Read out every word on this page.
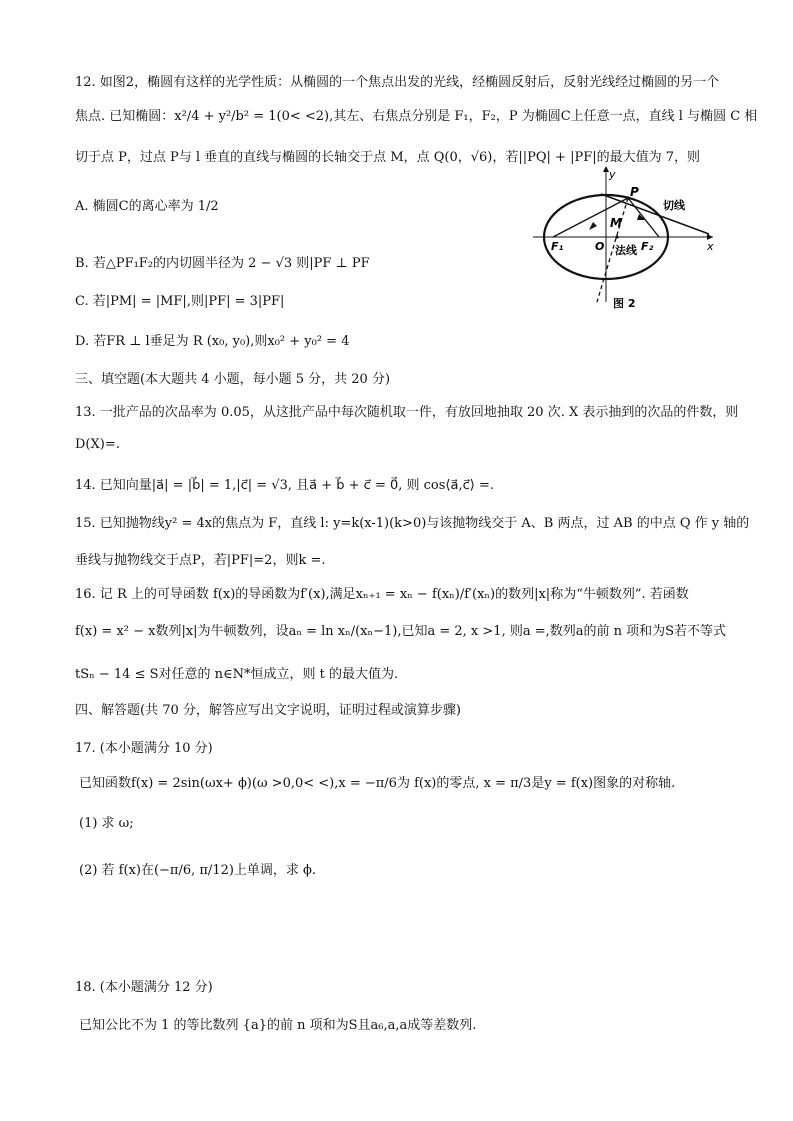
12. 如图2，椭圆有这样的光学性质：从椭圆的一个焦点出发的光线，经椭圆反射后，反射光线经过椭圆的另一个
焦点. 已知椭圆：x²/4 + y²/b² = 1(0< <2),其左、右焦点分别是 F₁，F₂，P 为椭圆C上任意一点，直线 l 与椭圆 C 相
切于点 P，过点 P与 l 垂直的直线与椭圆的长轴交于点 M，点 Q(0，√6)，若||PQ| + |PF|的最大值为 7，则
A. 椭圆C的离心率为 1/2
B. 若△PF₁F₂的内切圆半径为 2 − √3 则|PF ⊥ PF
C. 若|PM| = |MF|,则|PF| = 3|PF|
D. 若FR ⊥ l垂足为 R (x₀, y₀),则x₀² + y₀² = 4
y
x
P
M
O
F₁	F₂
切线
法线
图 2
三、填空题(本大题共 4 小题，每小题 5 分，共 20 分)
13. 一批产品的次品率为 0.05，从这批产品中每次随机取一件，有放回地抽取 20 次. X 表示抽到的次品的件数，则
D(X)=.
14. 已知向量|a⃗| = |b⃗| = 1,|c⃗| = √3, 且a⃗ + b⃗ + c⃗ = 0⃗, 则 cos⟨a⃗,c⃗⟩ =.
15. 已知抛物线y² = 4x的焦点为 F，直线 l: y=k(x-1)(k>0)与该抛物线交于 A、B 两点，过 AB 的中点 Q 作 y 轴的
垂线与抛物线交于点P，若|PF|=2，则k =.
16. 记 R 上的可导函数 f(x)的导函数为f′(x),满足xₙ₊₁ = xₙ − f(xₙ)/f′(xₙ)的数列|x|称为“牛顿数列”. 若函数
f(x) = x² − x数列|x|为牛顿数列，设aₙ = ln xₙ/(xₙ−1),已知a = 2, x >1, 则a =,数列a的前 n 项和为S若不等式
tSₙ − 14 ≤ S对任意的 n∈N*恒成立，则 t 的最大值为.
四、解答题(共 70 分，解答应写出文字说明，证明过程或演算步骤)
17. (本小题满分 10 分)
已知函数f(x) = 2sin(ωx+ ϕ)(ω >0,0< <),x = −π/6为 f(x)的零点, x = π/3是y = f(x)图象的对称轴.
(1) 求 ω;
(2) 若 f(x)在(−π/6, π/12)上单调，求 ϕ.
18. (本小题满分 12 分)
已知公比不为 1 的等比数列 {a}的前 n 项和为S且a₆,a,a成等差数列.
